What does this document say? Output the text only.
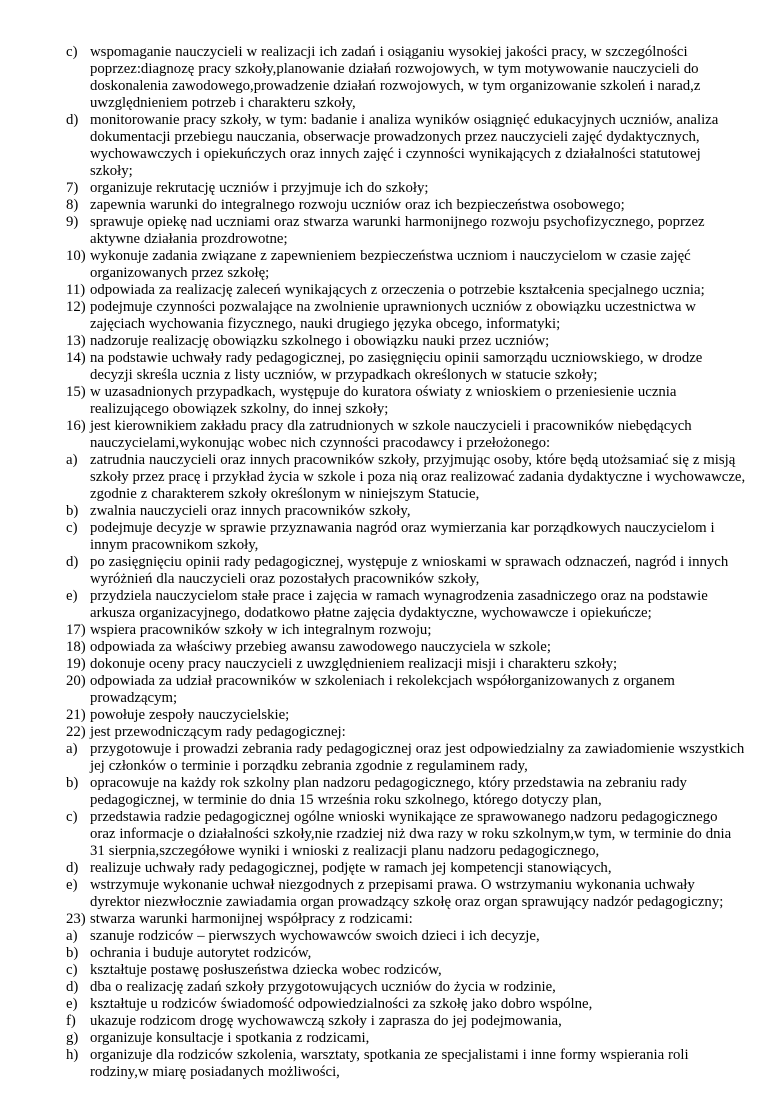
c) wspomaganie nauczycieli w realizacji ich zadań i osiąganiu wysokiej jakości pracy, w szczególności poprzez:diagnozę pracy szkoły,planowanie działań rozwojowych, w tym motywowanie nauczycieli do doskonalenia zawodowego,prowadzenie działań rozwojowych, w tym organizowanie szkoleń i narad,z uwzględnieniem potrzeb i charakteru szkoły,
d) monitorowanie pracy szkoły, w tym: badanie i analiza wyników osiągnięć edukacyjnych uczniów, analiza dokumentacji przebiegu nauczania, obserwacje prowadzonych przez nauczycieli zajęć dydaktycznych, wychowawczych i opiekuńczych oraz innych zajęć i czynności wynikających z działalności statutowej szkoły;
7) organizuje rekrutację uczniów i przyjmuje ich do szkoły;
8) zapewnia warunki do integralnego rozwoju uczniów oraz ich bezpieczeństwa osobowego;
9) sprawuje opiekę nad uczniami oraz stwarza warunki harmonijnego rozwoju psychofizycznego, poprzez aktywne działania prozdrowotne;
10) wykonuje zadania związane z zapewnieniem bezpieczeństwa uczniom i nauczycielom w czasie zajęć organizowanych przez szkołę;
11) odpowiada za realizację zaleceń wynikających z orzeczenia o potrzebie kształcenia specjalnego ucznia;
12) podejmuje czynności pozwalające na zwolnienie uprawnionych uczniów z obowiązku uczestnictwa w zajęciach wychowania fizycznego, nauki drugiego języka obcego, informatyki;
13) nadzoruje realizację obowiązku szkolnego i obowiązku nauki przez uczniów;
14) na podstawie uchwały rady pedagogicznej, po zasięgnięciu opinii samorządu uczniowskiego, w drodze decyzji skreśla ucznia z listy uczniów, w przypadkach określonych w statucie szkoły;
15) w uzasadnionych przypadkach, występuje do kuratora oświaty z wnioskiem o przeniesienie ucznia realizującego obowiązek szkolny, do innej szkoły;
16) jest kierownikiem zakładu pracy dla zatrudnionych w szkole nauczycieli i pracowników niebędących nauczycielami,wykonując wobec nich czynności pracodawcy i przełożonego:
a) zatrudnia nauczycieli oraz innych pracowników szkoły, przyjmując osoby, które będą utożsamiać się z misją szkoły przez pracę i przykład życia w szkole i poza nią oraz realizować zadania dydaktyczne i wychowawcze, zgodnie z charakterem szkoły określonym w niniejszym Statucie,
b) zwalnia nauczycieli oraz innych pracowników szkoły,
c) podejmuje decyzje w sprawie przyznawania nagród oraz wymierzania kar porządkowych nauczycielom i innym pracownikom szkoły,
d) po zasięgnięciu opinii rady pedagogicznej, występuje z wnioskami w sprawach odznaczeń, nagród i innych wyróżnień dla nauczycieli oraz pozostałych pracowników szkoły,
e) przydziela nauczycielom stałe prace i zajęcia w ramach wynagrodzenia zasadniczego oraz na podstawie arkusza organizacyjnego, dodatkowo płatne zajęcia dydaktyczne, wychowawcze i opiekuńcze;
17) wspiera pracowników szkoły w ich integralnym rozwoju;
18) odpowiada za właściwy przebieg awansu zawodowego nauczyciela w szkole;
19) dokonuje oceny pracy nauczycieli z uwzględnieniem realizacji misji i charakteru szkoły;
20) odpowiada za udział pracowników w szkoleniach i rekolekcjach współorganizowanych z organem prowadzącym;
21) powołuje zespoły nauczycielskie;
22) jest przewodniczącym rady pedagogicznej:
a) przygotowuje i prowadzi zebrania rady pedagogicznej oraz jest odpowiedzialny za zawiadomienie wszystkich jej członków o terminie i porządku zebrania zgodnie z regulaminem rady,
b) opracowuje na każdy rok szkolny plan nadzoru pedagogicznego, który przedstawia na zebraniu rady pedagogicznej, w terminie do dnia 15 września roku szkolnego, którego dotyczy plan,
c) przedstawia radzie pedagogicznej ogólne wnioski wynikające ze sprawowanego nadzoru pedagogicznego oraz informacje o działalności szkoły,nie rzadziej niż dwa razy w roku szkolnym,w tym, w terminie do dnia 31 sierpnia,szczegółowe wyniki i wnioski z realizacji planu nadzoru pedagogicznego,
d) realizuje uchwały rady pedagogicznej, podjęte w ramach jej kompetencji stanowiących,
e) wstrzymuje wykonanie uchwał niezgodnych z przepisami prawa. O wstrzymaniu wykonania uchwały dyrektor niezwłocznie zawiadamia organ prowadzący szkołę oraz organ sprawujący nadzór pedagogiczny;
23) stwarza warunki harmonijnej współpracy z rodzicami:
a) szanuje rodziców – pierwszych wychowawców swoich dzieci i ich decyzje,
b) ochrania i buduje autorytet rodziców,
c) kształtuje postawę posłuszeństwa dziecka wobec rodziców,
d) dba o realizację zadań szkoły przygotowujących uczniów do życia w rodzinie,
e) kształtuje u rodziców świadomość odpowiedzialności za szkołę jako dobro wspólne,
f) ukazuje rodzicom drogę wychowawczą szkoły i zaprasza do jej podejmowania,
g) organizuje konsultacje i spotkania z rodzicami,
h) organizuje dla rodziców szkolenia, warsztaty, spotkania ze specjalistami i inne formy wspierania roli rodziny,w miarę posiadanych możliwości,
